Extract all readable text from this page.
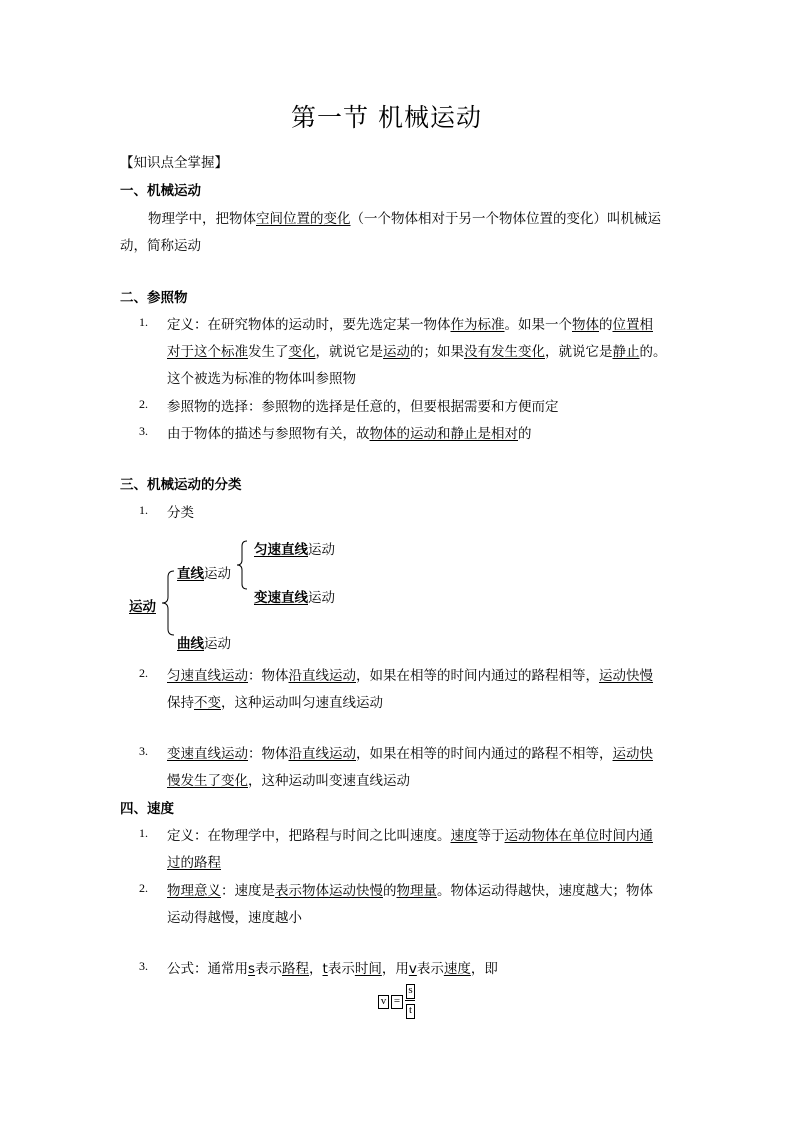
第一节 机械运动
【知识点全掌握】
一、机械运动
物理学中，把物体空间位置的变化（一个物体相对于另一个物体位置的变化）叫机械运
动，简称运动
二、参照物
1. 定义：在研究物体的运动时，要先选定某一物体作为标准。如果一个物体的位置相
对于这个标准发生了变化，就说它是运动的；如果没有发生变化，就说它是静止的。
这个被选为标准的物体叫参照物
2. 参照物的选择：参照物的选择是任意的，但要根据需要和方便而定
3. 由于物体的描述与参照物有关，故物体的运动和静止是相对的
三、机械运动的分类
1. 分类
运动
直线运动
匀速直线运动
变速直线运动
曲线运动
2. 匀速直线运动：物体沿直线运动，如果在相等的时间内通过的路程相等，运动快慢
保持不变，这种运动叫匀速直线运动
3. 变速直线运动：物体沿直线运动，如果在相等的时间内通过的路程不相等，运动快
慢发生了变化，这种运动叫变速直线运动
四、速度
1. 定义：在物理学中，把路程与时间之比叫速度。速度等于运动物体在单位时间内通
过的路程
2. 物理意义：速度是表示物体运动快慢的物理量。物体运动得越快，速度越大；物体
运动得越慢，速度越小
3. 公式：通常用s表示路程，t表示时间，用v表示速度，即
v =
s
t
